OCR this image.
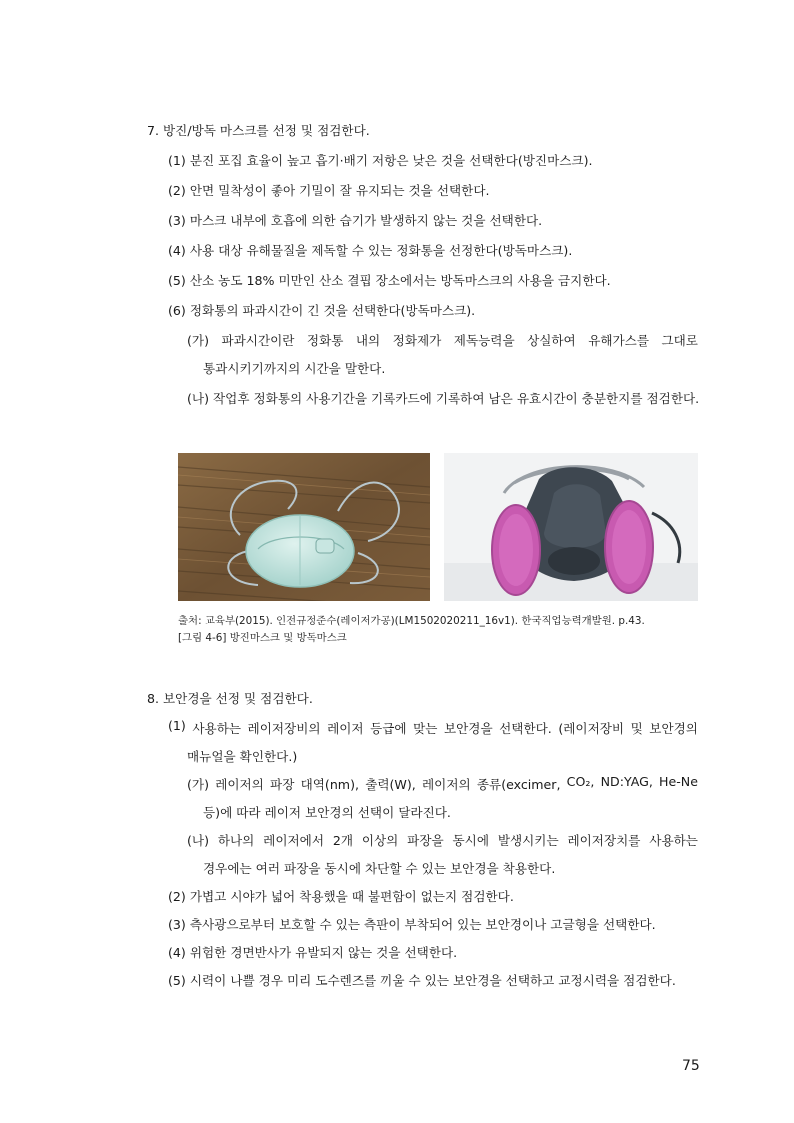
7. 방진/방독 마스크를 선정 및 점검한다.
(1) 분진 포집 효율이 높고 흡기·배기 저항은 낮은 것을 선택한다(방진마스크).
(2) 안면 밀착성이 좋아 기밀이 잘 유지되는 것을 선택한다.
(3) 마스크 내부에 호흡에 의한 습기가 발생하지 않는 것을 선택한다.
(4) 사용 대상 유해물질을 제독할 수 있는 정화통을 선정한다(방독마스크).
(5) 산소 농도 18% 미만인 산소 결핍 장소에서는 방독마스크의 사용을 금지한다.
(6) 정화통의 파과시간이 긴 것을 선택한다(방독마스크).
(가) 파과시간이란 정화통 내의 정화제가 제독능력을 상실하여 유해가스를 그대로
통과시키기까지의 시간을 말한다.
(나) 작업후 정화통의 사용기간을 기록카드에 기록하여 남은 유효시간이 충분한지를 점검한다.
출처: 교육부(2015). 인전규정준수(레이저가공)(LM1502020211_16v1). 한국직업능력개발원. p.43.
[그림 4-6] 방진마스크 및 방독마스크
8. 보안경을 선정 및 점검한다.
(1) 사용하는 레이저장비의 레이저 등급에 맞는 보안경을 선택한다. (레이저장비 및 보안경의
매뉴얼을 확인한다.)
(가) 레이저의 파장 대역(nm), 출력(W), 레이저의 종류(excimer, CO₂, ND:YAG, He-Ne
등)에 따라 레이저 보안경의 선택이 달라진다.
(나) 하나의 레이저에서 2개 이상의 파장을 동시에 발생시키는 레이저장치를 사용하는
경우에는 여러 파장을 동시에 차단할 수 있는 보안경을 착용한다.
(2) 가볍고 시야가 넓어 착용했을 때 불편함이 없는지 점검한다.
(3) 측사광으로부터 보호할 수 있는 측판이 부착되어 있는 보안경이나 고글형을 선택한다.
(4) 위험한 경면반사가 유발되지 않는 것을 선택한다.
(5) 시력이 나쁠 경우 미리 도수렌즈를 끼울 수 있는 보안경을 선택하고 교정시력을 점검한다.
75
